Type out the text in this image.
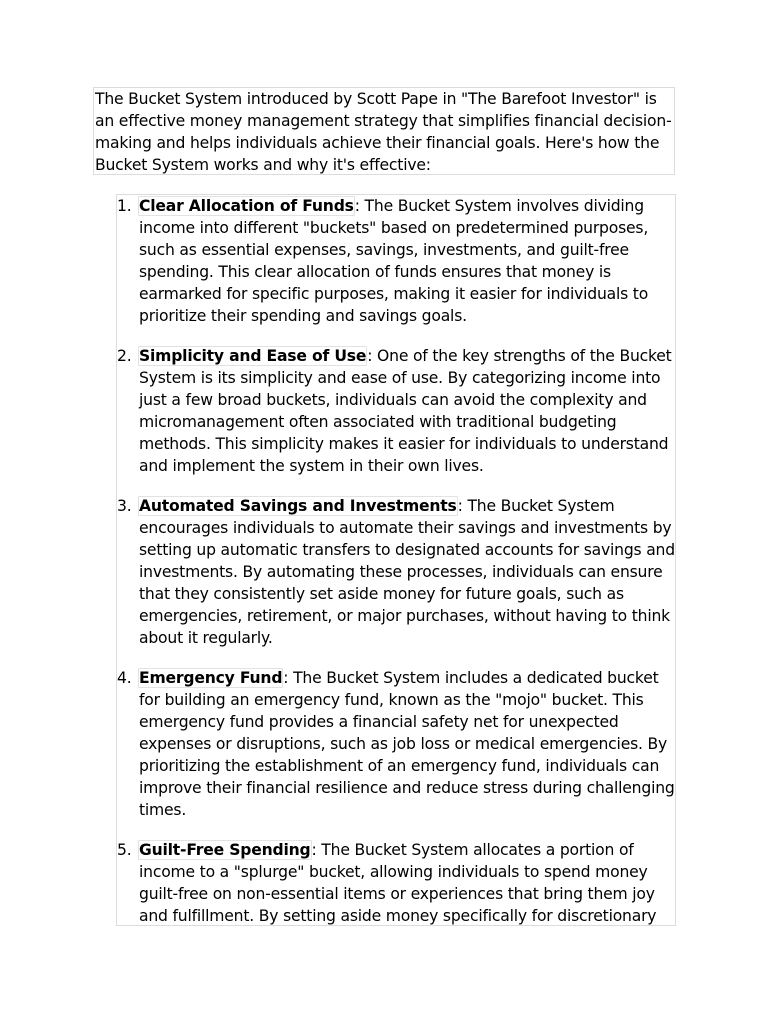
The Bucket System introduced by Scott Pape in "The Barefoot Investor" is an effective money management strategy that simplifies financial decision-making and helps individuals achieve their financial goals. Here's how the Bucket System works and why it's effective:
1. Clear Allocation of Funds: The Bucket System involves dividing income into different "buckets" based on predetermined purposes, such as essential expenses, savings, investments, and guilt-free spending. This clear allocation of funds ensures that money is earmarked for specific purposes, making it easier for individuals to prioritize their spending and savings goals.
2. Simplicity and Ease of Use: One of the key strengths of the Bucket System is its simplicity and ease of use. By categorizing income into just a few broad buckets, individuals can avoid the complexity and micromanagement often associated with traditional budgeting methods. This simplicity makes it easier for individuals to understand and implement the system in their own lives.
3. Automated Savings and Investments: The Bucket System encourages individuals to automate their savings and investments by setting up automatic transfers to designated accounts for savings and investments. By automating these processes, individuals can ensure that they consistently set aside money for future goals, such as emergencies, retirement, or major purchases, without having to think about it regularly.
4. Emergency Fund: The Bucket System includes a dedicated bucket for building an emergency fund, known as the "mojo" bucket. This emergency fund provides a financial safety net for unexpected expenses or disruptions, such as job loss or medical emergencies. By prioritizing the establishment of an emergency fund, individuals can improve their financial resilience and reduce stress during challenging times.
5. Guilt-Free Spending: The Bucket System allocates a portion of income to a "splurge" bucket, allowing individuals to spend money guilt-free on non-essential items or experiences that bring them joy and fulfillment. By setting aside money specifically for discretionary
